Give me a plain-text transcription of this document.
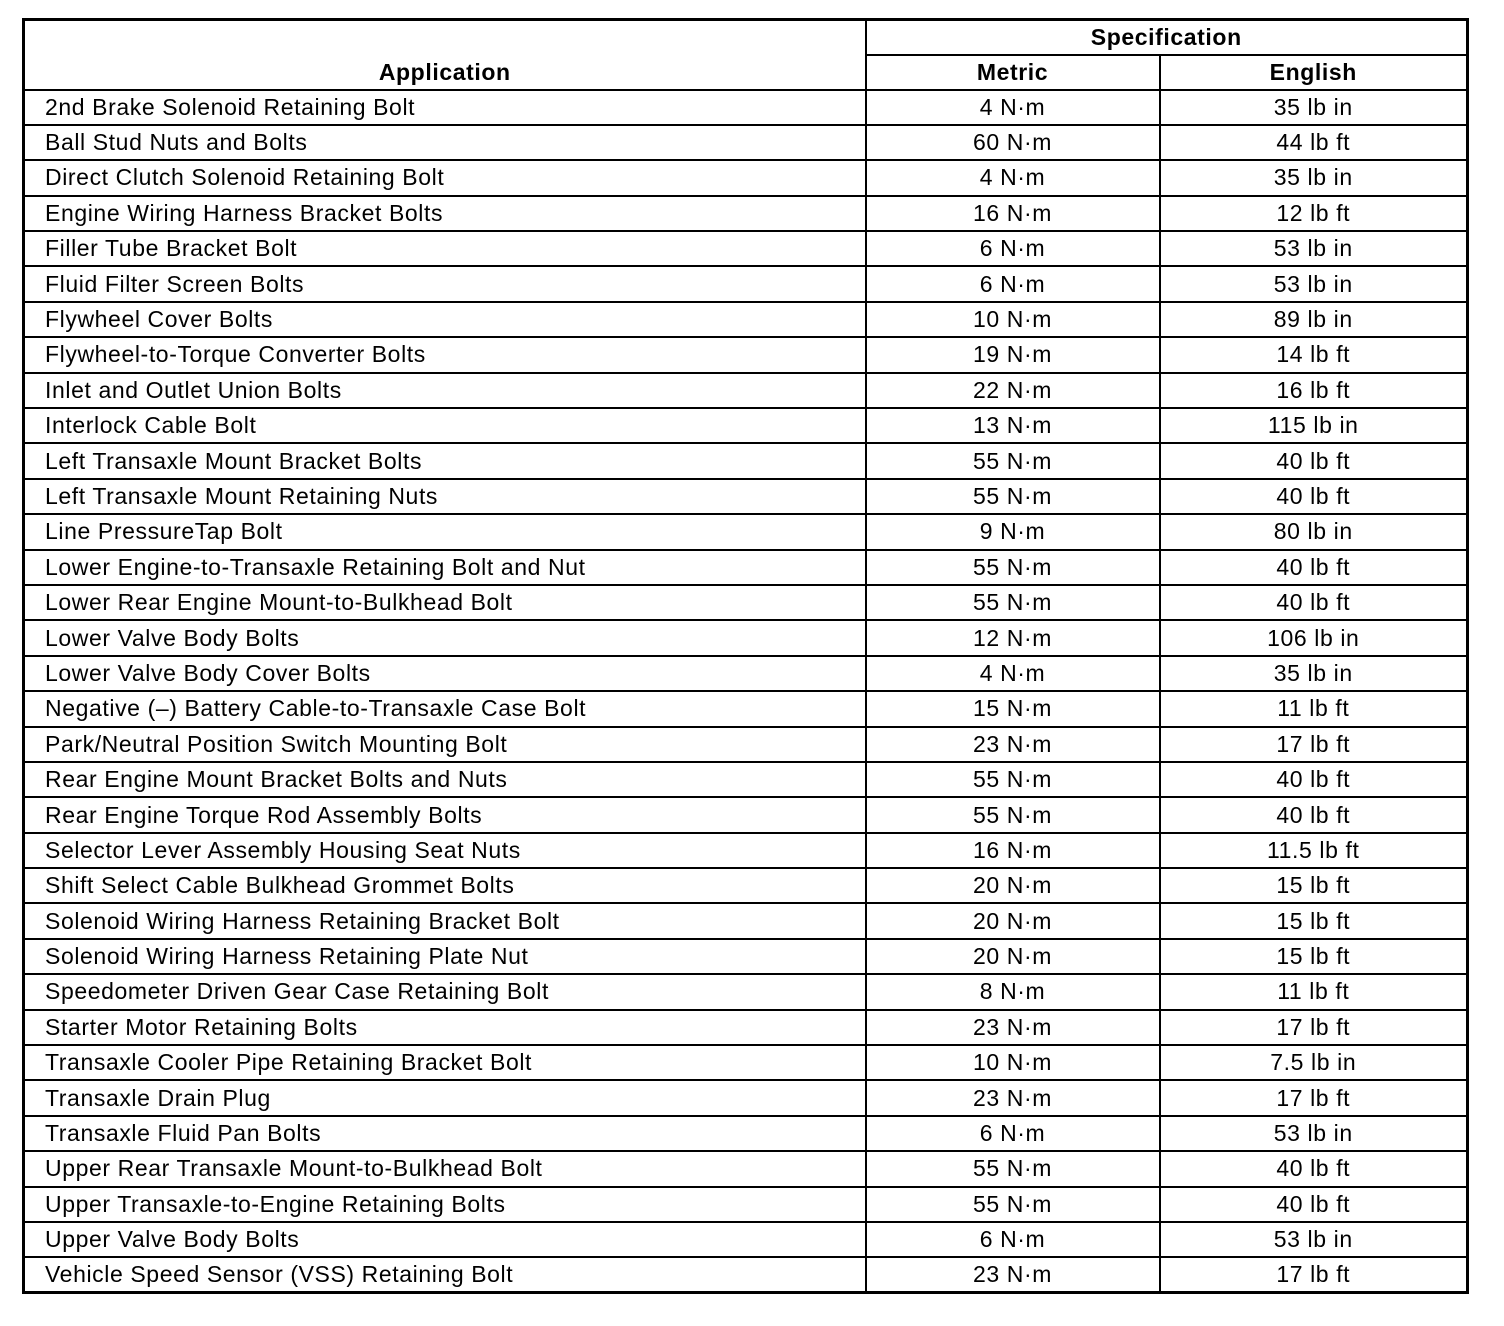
Application	Specification	
	Metric	English
2nd Brake Solenoid Retaining Bolt	4 N·m	35 lb in
Ball Stud Nuts and Bolts	60 N·m	44 lb ft
Direct Clutch Solenoid Retaining Bolt	4 N·m	35 lb in
Engine Wiring Harness Bracket Bolts	16 N·m	12 lb ft
Filler Tube Bracket Bolt	6 N·m	53 lb in
Fluid Filter Screen Bolts	6 N·m	53 lb in
Flywheel Cover Bolts	10 N·m	89 lb in
Flywheel-to-Torque Converter Bolts	19 N·m	14 lb ft
Inlet and Outlet Union Bolts	22 N·m	16 lb ft
Interlock Cable Bolt	13 N·m	115 lb in
Left Transaxle Mount Bracket Bolts	55 N·m	40 lb ft
Left Transaxle Mount Retaining Nuts	55 N·m	40 lb ft
Line PressureTap Bolt	9 N·m	80 lb in
Lower Engine-to-Transaxle Retaining Bolt and Nut	55 N·m	40 lb ft
Lower Rear Engine Mount-to-Bulkhead Bolt	55 N·m	40 lb ft
Lower Valve Body Bolts	12 N·m	106 lb in
Lower Valve Body Cover Bolts	4 N·m	35 lb in
Negative (–) Battery Cable-to-Transaxle Case Bolt	15 N·m	11 lb ft
Park/Neutral Position Switch Mounting Bolt	23 N·m	17 lb ft
Rear Engine Mount Bracket Bolts and Nuts	55 N·m	40 lb ft
Rear Engine Torque Rod Assembly Bolts	55 N·m	40 lb ft
Selector Lever Assembly Housing Seat Nuts	16 N·m	11.5 lb ft
Shift Select Cable Bulkhead Grommet Bolts	20 N·m	15 lb ft
Solenoid Wiring Harness Retaining Bracket Bolt	20 N·m	15 lb ft
Solenoid Wiring Harness Retaining Plate Nut	20 N·m	15 lb ft
Speedometer Driven Gear Case Retaining Bolt	8 N·m	11 lb ft
Starter Motor Retaining Bolts	23 N·m	17 lb ft
Transaxle Cooler Pipe Retaining Bracket Bolt	10 N·m	7.5 lb in
Transaxle Drain Plug	23 N·m	17 lb ft
Transaxle Fluid Pan Bolts	6 N·m	53 lb in
Upper Rear Transaxle Mount-to-Bulkhead Bolt	55 N·m	40 lb ft
Upper Transaxle-to-Engine Retaining Bolts	55 N·m	40 lb ft
Upper Valve Body Bolts	6 N·m	53 lb in
Vehicle Speed Sensor (VSS) Retaining Bolt	23 N·m	17 lb ft
